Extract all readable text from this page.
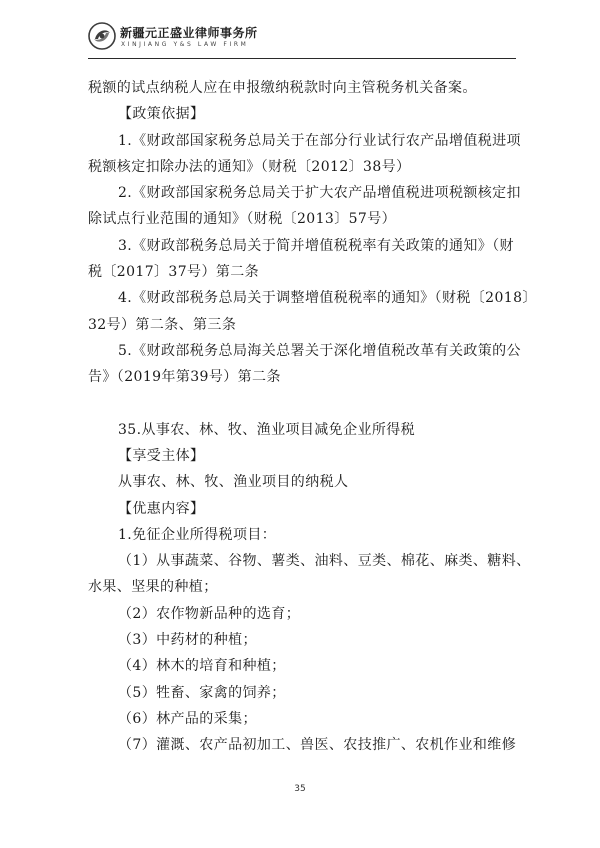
新疆元正盛业律师事务所
XINJIANG Y&S LAW FIRM
税额的试点纳税人应在申报缴纳税款时向主管税务机关备案。
【政策依据】
1.《财政部国家税务总局关于在部分行业试行农产品增值税进项
税额核定扣除办法的通知》（财税〔2012〕38号）
2.《财政部国家税务总局关于扩大农产品增值税进项税额核定扣
除试点行业范围的通知》（财税〔2013〕57号）
3.《财政部税务总局关于简并增值税税率有关政策的通知》（财
税〔2017〕37号）第二条
4.《财政部税务总局关于调整增值税税率的通知》（财税〔2018〕
32号）第二条、第三条
5.《财政部税务总局海关总署关于深化增值税改革有关政策的公
告》（2019年第39号）第二条
35.从事农、林、牧、渔业项目减免企业所得税
【享受主体】
从事农、林、牧、渔业项目的纳税人
【优惠内容】
1.免征企业所得税项目：
（1）从事蔬菜、谷物、薯类、油料、豆类、棉花、麻类、糖料、
水果、坚果的种植；
（2）农作物新品种的选育；
（3）中药材的种植；
（4）林木的培育和种植；
（5）牲畜、家禽的饲养；
（6）林产品的采集；
（7）灌溉、农产品初加工、兽医、农技推广、农机作业和维修
35
